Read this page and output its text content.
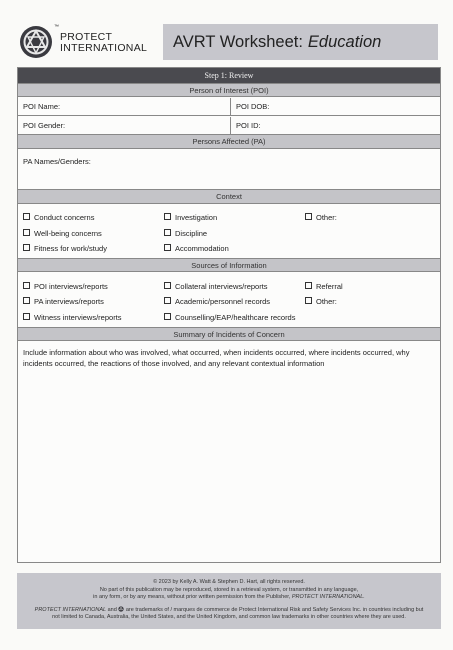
PROTECT
INTERNATIONAL
™
AVRT Worksheet: Education
Step 1: Review
Person of Interest (POI)
POI Name:	POI DOB:
POI Gender:	POI ID:
Persons Affected (PA)
PA Names/Genders:
Context
Conduct concerns	Investigation	Other:
Well-being concerns	Discipline
Fitness for work/study	Accommodation
Sources of Information
POI interviews/reports	Collateral interviews/reports	Referral
PA interviews/reports	Academic/personnel records	Other:
Witness interviews/reports	Counselling/EAP/healthcare records
Summary of Incidents of Concern
Include information about who was involved, what occurred, when incidents occurred, where incidents occurred, why incidents occurred, the reactions of those involved, and any relevant contextual information

© 2023 by Kelly A. Watt & Stephen D. Hart, all rights reserved.

No part of this publication may be reproduced, stored in a retrieval system, or transmitted in any language,

in any form, or by any means, without prior written permission from the Publisher, PROTECT INTERNATIONAL.

PROTECT INTERNATIONAL and are trademarks of / marques de commerce de Protect International Risk and Safety Services Inc. in countries including but

not limited to Canada, Australia, the United States, and the United Kingdom, and common law trademarks in other countries where they are used.
